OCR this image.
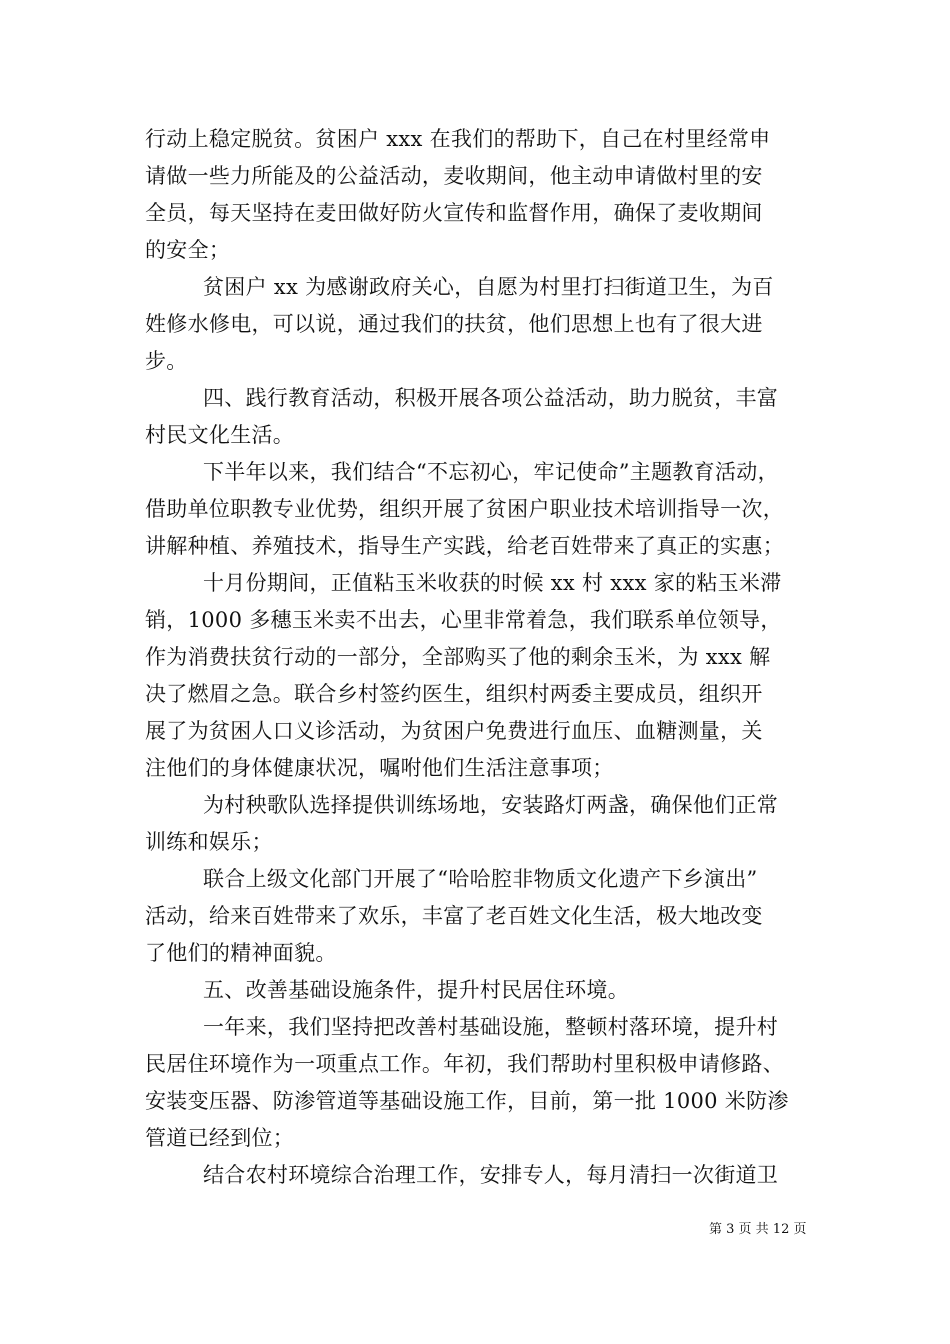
行动上稳定脱贫。贫困户 xxx 在我们的帮助下，自己在村里经常申
请做一些力所能及的公益活动，麦收期间，他主动申请做村里的安
全员，每天坚持在麦田做好防火宣传和监督作用，确保了麦收期间
的安全；
贫困户 xx 为感谢政府关心，自愿为村里打扫街道卫生，为百
姓修水修电，可以说，通过我们的扶贫，他们思想上也有了很大进
步。
四、践行教育活动，积极开展各项公益活动，助力脱贫，丰富
村民文化生活。
下半年以来，我们结合“不忘初心，牢记使命”主题教育活动，
借助单位职教专业优势，组织开展了贫困户职业技术培训指导一次，
讲解种植、养殖技术，指导生产实践，给老百姓带来了真正的实惠；
十月份期间，正值粘玉米收获的时候 xx 村 xxx 家的粘玉米滞
销，1000 多穗玉米卖不出去，心里非常着急，我们联系单位领导，
作为消费扶贫行动的一部分，全部购买了他的剩余玉米，为 xxx 解
决了燃眉之急。联合乡村签约医生，组织村两委主要成员，组织开
展了为贫困人口义诊活动，为贫困户免费进行血压、血糖测量，关
注他们的身体健康状况，嘱咐他们生活注意事项；
为村秧歌队选择提供训练场地，安装路灯两盏，确保他们正常
训练和娱乐；
联合上级文化部门开展了“哈哈腔非物质文化遗产下乡演出”
活动，给来百姓带来了欢乐，丰富了老百姓文化生活，极大地改变
了他们的精神面貌。
五、改善基础设施条件，提升村民居住环境。
一年来，我们坚持把改善村基础设施，整顿村落环境，提升村
民居住环境作为一项重点工作。年初，我们帮助村里积极申请修路、
安装变压器、防渗管道等基础设施工作，目前，第一批 1000 米防渗
管道已经到位；
结合农村环境综合治理工作，安排专人，每月清扫一次街道卫
第 3 页 共 12 页
